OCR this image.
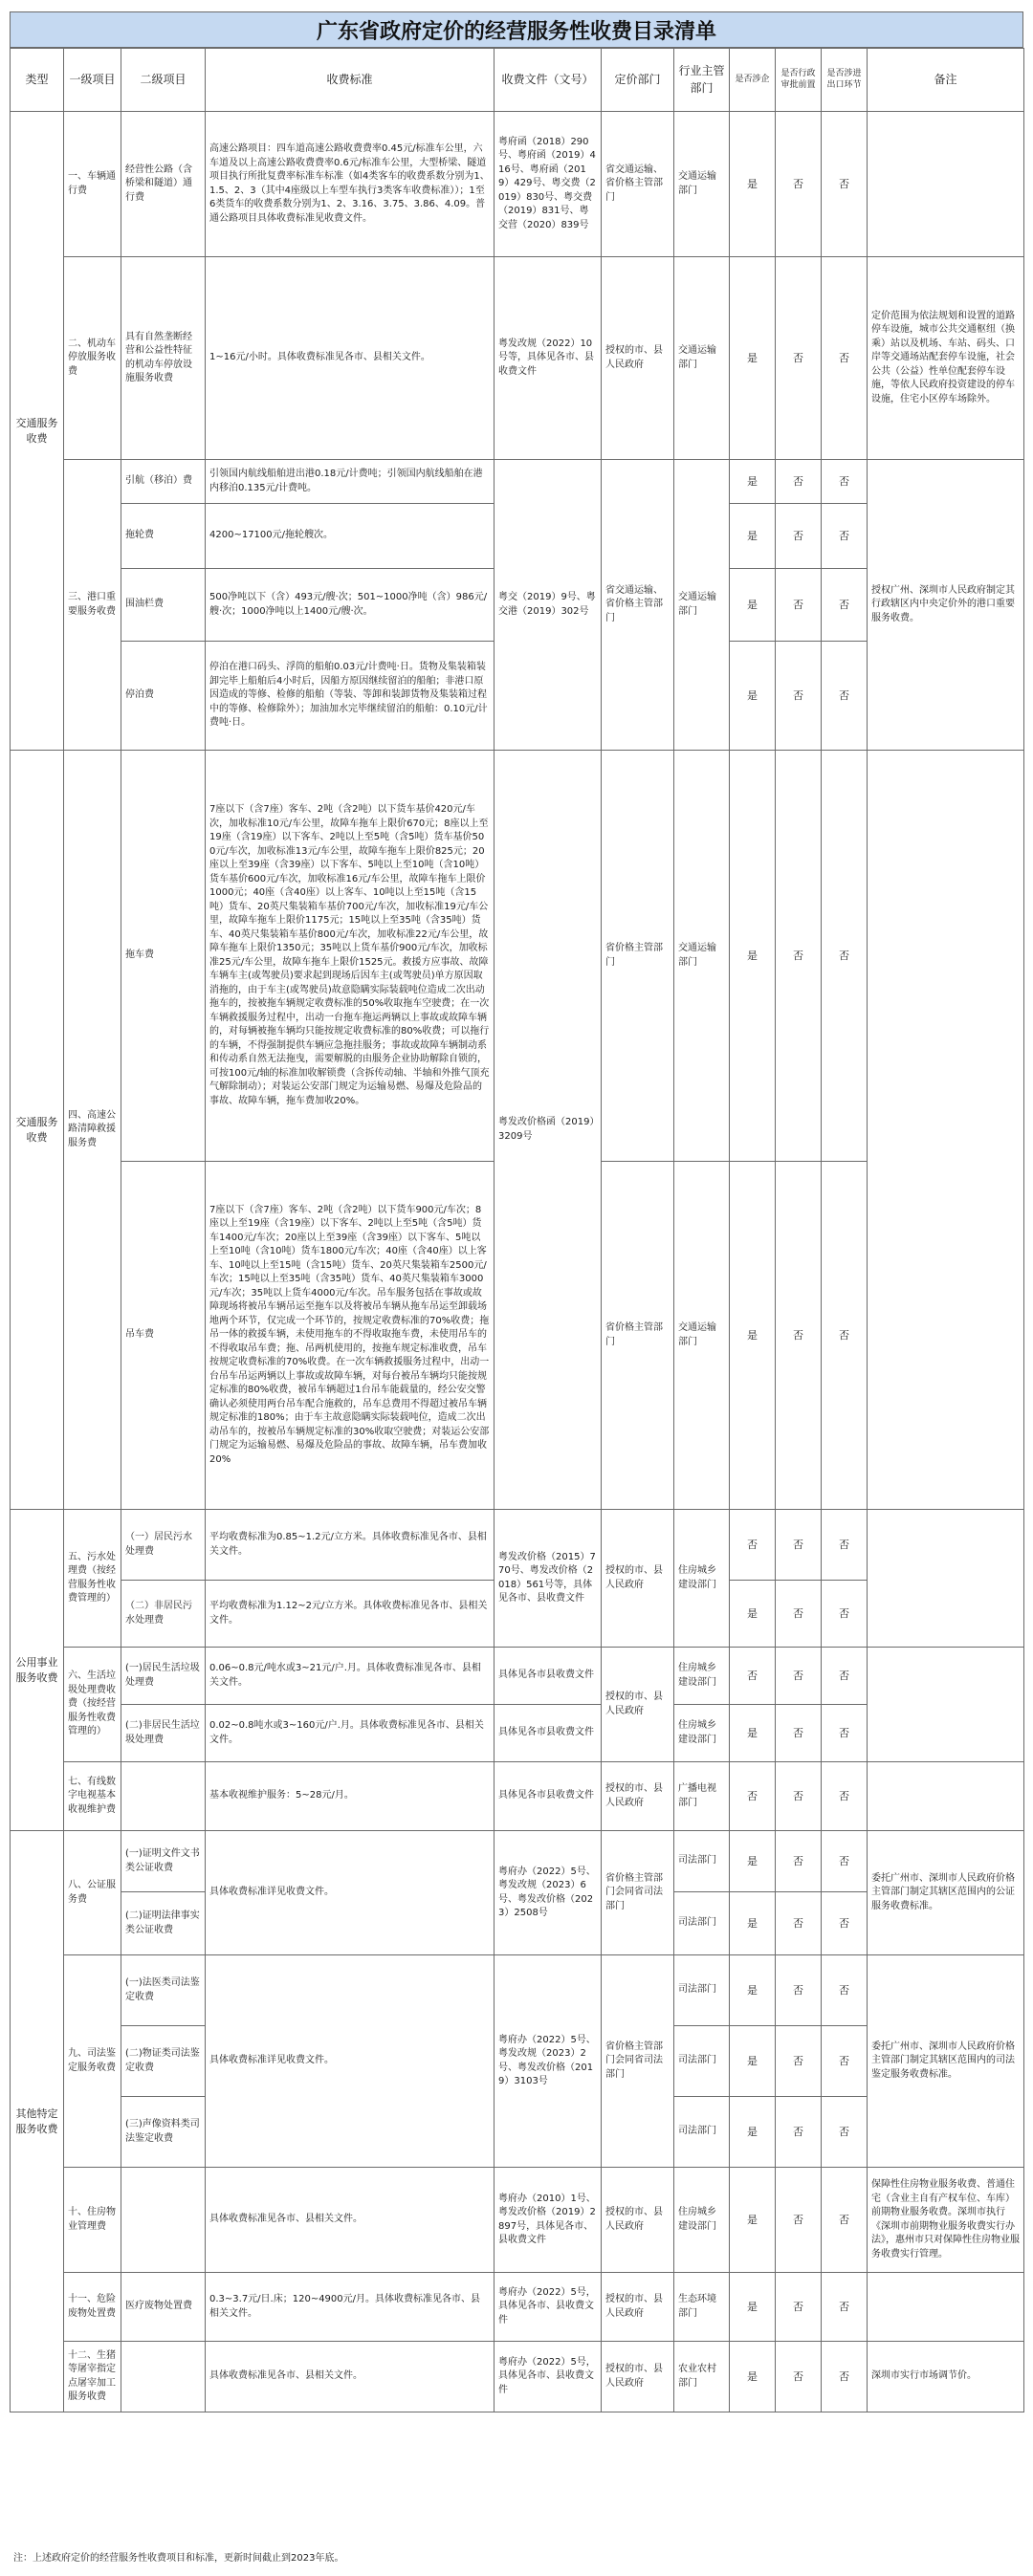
广东省政府定价的经营服务性收费目录清单
类型	一级项目	二级项目	收费标准	收费文件（文号）	定价部门	行业主管部门	是否涉企	是否行政审批前置	是否涉进出口环节	备注
交通服务收费	一、车辆通行费	经营性公路（含桥梁和隧道）通行费	高速公路项目：四车道高速公路收费费率0.45元/标准车公里，六车道及以上高速公路收费费率0.6元/标准车公里，大型桥梁、隧道项目执行所批复费率标准车标准（如4类客车的收费系数分别为1、1.5、2、3（其中4座级以上车型车执行3类客车收费标准））；1至6类货车的收费系数分别为1、2、3.16、3.75、3.86、4.09。普通公路项目具体收费标准见收费文件。	粤府函（2018）290号、粤府函（2019）416号、粤府函（2019）429号、粤交费（2019）830号、粤交费（2019）831号、粤交营（2020）839号	省交通运输、省价格主管部门	交通运输部门	是	否	否	
	二、机动车停放服务收费	具有自然垄断经营和公益性特征的机动车停放设施服务收费	1~16元/小时。具体收费标准见各市、县相关文件。	粤发改规（2022）10号等，具体见各市、县收费文件	授权的市、县人民政府	交通运输部门	是	否	否	定价范围为依法规划和设置的道路停车设施，城市公共交通枢纽（换乘）站以及机场、车站、码头、口岸等交通场站配套停车设施，社会公共（公益）性单位配套停车设施，等依人民政府投资建设的停车设施，住宅小区停车场除外。
	三、港口重要服务收费	引航（移泊）费	引领国内航线船舶进出港0.18元/计费吨；引领国内航线船舶在港内移泊0.135元/计费吨。	粤交（2019）9号、粤交港（2019）302号	省交通运输、省价格主管部门	交通运输部门	是	否	否	授权广州、深圳市人民政府制定其行政辖区内中央定价外的港口重要服务收费。
		拖轮费	4200~17100元/拖轮艘次。				是	否	否	
		围油栏费	500净吨以下（含）493元/艘·次；501~1000净吨（含）986元/艘·次；1000净吨以上1400元/艘·次。				是	否	否	
		停泊费	停泊在港口码头、浮筒的船舶0.03元/计费吨·日。货物及集装箱装卸完毕上船舶后4小时后，因船方原因继续留泊的船舶；非港口原因造成的等修、检修的船舶（等装、等卸和装卸货物及集装箱过程中的等修、检修除外）；加油加水完毕继续留泊的船舶：0.10元/计费吨·日。				是	否	否	

交通服务收费	四、高速公路清障救援服务费	拖车费	7座以下（含7座）客车、2吨（含2吨）以下货车基价420元/车次，加收标准10元/车公里，故障车拖车上限价670元；8座以上至19座（含19座）以下客车、2吨以上至5吨（含5吨）货车基价500元/车次，加收标准13元/车公里，故障车拖车上限价825元；20座以上至39座（含39座）以下客车、5吨以上至10吨（含10吨）货车基价600元/车次，加收标准16元/车公里，故障车拖车上限价1000元；40座（含40座）以上客车、10吨以上至15吨（含15吨）货车、20英尺集装箱车基价700元/车次，加收标准19元/车公里，故障车拖车上限价1175元；15吨以上至35吨（含35吨）货车、40英尺集装箱车基价800元/车次，加收标准22元/车公里，故障车拖车上限价1350元；35吨以上货车基价900元/车次，加收标准25元/车公里，故障车拖车上限价1525元。救援方应事故、故障车辆车主(或驾驶员)要求起到现场后因车主(或驾驶员)单方原因取消拖的，由于车主(或驾驶员)故意隐瞒实际装载吨位造成二次出动拖车的，按被拖车辆规定收费标准的50%收取拖车空驶费；在一次车辆救援服务过程中，出动一台拖车拖运两辆以上事故或故障车辆的，对每辆被拖车辆均只能按规定收费标准的80%收费；可以拖行的车辆，不得强制提供车辆应急拖挂服务；事故或故障车辆制动系和传动系自然无法拖曳，需要解脱的由服务企业协助解除自锁的，可按100元/轴的标准加收解锁费（含拆传动轴、半轴和外推气顶充气解除制动）；对装运公安部门规定为运输易燃、易爆及危险品的事故、故障车辆，拖车费加收20%。	粤发改价格函（2019）3209号	省价格主管部门	交通运输部门	是	否	否	
		吊车费	7座以下（含7座）客车、2吨（含2吨）以下货车900元/车次；8座以上至19座（含19座）以下客车、2吨以上至5吨（含5吨）货车1400元/车次；20座以上至39座（含39座）以下客车、5吨以上至10吨（含10吨）货车1800元/车次；40座（含40座）以上客车、10吨以上至15吨（含15吨）货车、20英尺集装箱车2500元/车次；15吨以上至35吨（含35吨）货车、40英尺集装箱车3000元/车次；35吨以上货车4000元/车次。吊车服务包括在事故或故障现场将被吊车辆吊运至拖车以及将被吊车辆从拖车吊运至卸载场地两个环节，仅完成一个环节的，按规定收费标准的70%收费；拖吊一体的救援车辆，未使用拖车的不得收取拖车费，未使用吊车的不得收取吊车费；拖、吊两机使用的，按拖车规定标准收费，吊车按规定收费标准的70%收费。在一次车辆救援服务过程中，出动一台吊车吊运两辆以上事故或故障车辆，对每台被吊车辆均只能按规定标准的80%收费，被吊车辆超过1台吊车能载量的，经公安交警确认必须使用两台吊车配合施救的，吊车总费用不得超过被吊车辆规定标准的180%；由于车主故意隐瞒实际装载吨位，造成二次出动吊车的，按被吊车辆规定标准的30%收取空驶费；对装运公安部门规定为运输易燃、易爆及危险品的事故、故障车辆，吊车费加收20%		省价格主管部门	交通运输部门	是	否	否	
公用事业服务收费	五、污水处理费（按经营服务性收费管理的）	（一）居民污水处理费	平均收费标准为0.85~1.2元/立方米。具体收费标准见各市、县相关文件。	粤发改价格（2015）770号、粤发改价格（2018）561号等，具体见各市、县收费文件	授权的市、县人民政府	住房城乡建设部门	否	否	否	
		（二）非居民污水处理费	平均收费标准为1.12~2元/立方米。具体收费标准见各市、县相关文件。				是	否	否	
	六、生活垃圾处理费收费（按经营服务性收费管理的）	(一)居民生活垃圾处理费	0.06~0.8元/吨水或3~21元/户.月。具体收费标准见各市、县相关文件。	具体见各市县收费文件	授权的市、县人民政府	住房城乡建设部门	否	否	否	
		(二)非居民生活垃圾处理费	0.02~0.8吨水或3~160元/户.月。具体收费标准见各市、县相关文件。	具体见各市县收费文件		住房城乡建设部门	是	否	否	
	七、有线数字电视基本收视维护费		基本收视维护服务：5~28元/月。	具体见各市县收费文件	授权的市、县人民政府	广播电视部门	否	否	否	
其他特定服务收费	八、公证服务费	(一)证明文件文书类公证收费	具体收费标准详见收费文件。	粤府办（2022）5号、粤发改规（2023）6号、粤发改价格（2023）2508号	省价格主管部门会同省司法部门	司法部门	是	否	否	委托广州市、深圳市人民政府价格主管部门制定其辖区范围内的公证服务收费标准。
		(二)证明法律事实类公证收费				司法部门	是	否	否	
	九、司法鉴定服务收费	(一)法医类司法鉴定收费	具体收费标准详见收费文件。	粤府办（2022）5号、粤发改规（2023）2号、粤发改价格（2019）3103号	省价格主管部门会同省司法部门	司法部门	是	否	否	委托广州市、深圳市人民政府价格主管部门制定其辖区范围内的司法鉴定服务收费标准。
		(二)物证类司法鉴定收费				司法部门	是	否	否	
		(三)声像资料类司法鉴定收费				司法部门	是	否	否	
	十、住房物业管理费		具体收费标准见各市、县相关文件。	粤府办（2010）1号、粤发改价格（2019）2897号，具体见各市、县收费文件	授权的市、县人民政府	住房城乡建设部门	是	否	否	保障性住房物业服务收费、普通住宅（含业主自有产权车位、车库）前期物业服务收费。深圳市执行《深圳市前期物业服务收费实行办法》，惠州市只对保障性住房物业服务收费实行管理。
	十一、危险废物处置费	医疗废物处置费	0.3~3.7元/日.床；120~4900元/月。具体收费标准见各市、县相关文件。	粤府办（2022）5号，具体见各市、县收费文件	授权的市、县人民政府	生态环境部门	是	否	否	
	十二、生猪等屠宰指定点屠宰加工服务收费		具体收费标准见各市、县相关文件。	粤府办（2022）5号，具体见各市、县收费文件	授权的市、县人民政府	农业农村部门	是	否	否	深圳市实行市场调节价。
注：上述政府定价的经营服务性收费项目和标准，更新时间截止到2023年底。
